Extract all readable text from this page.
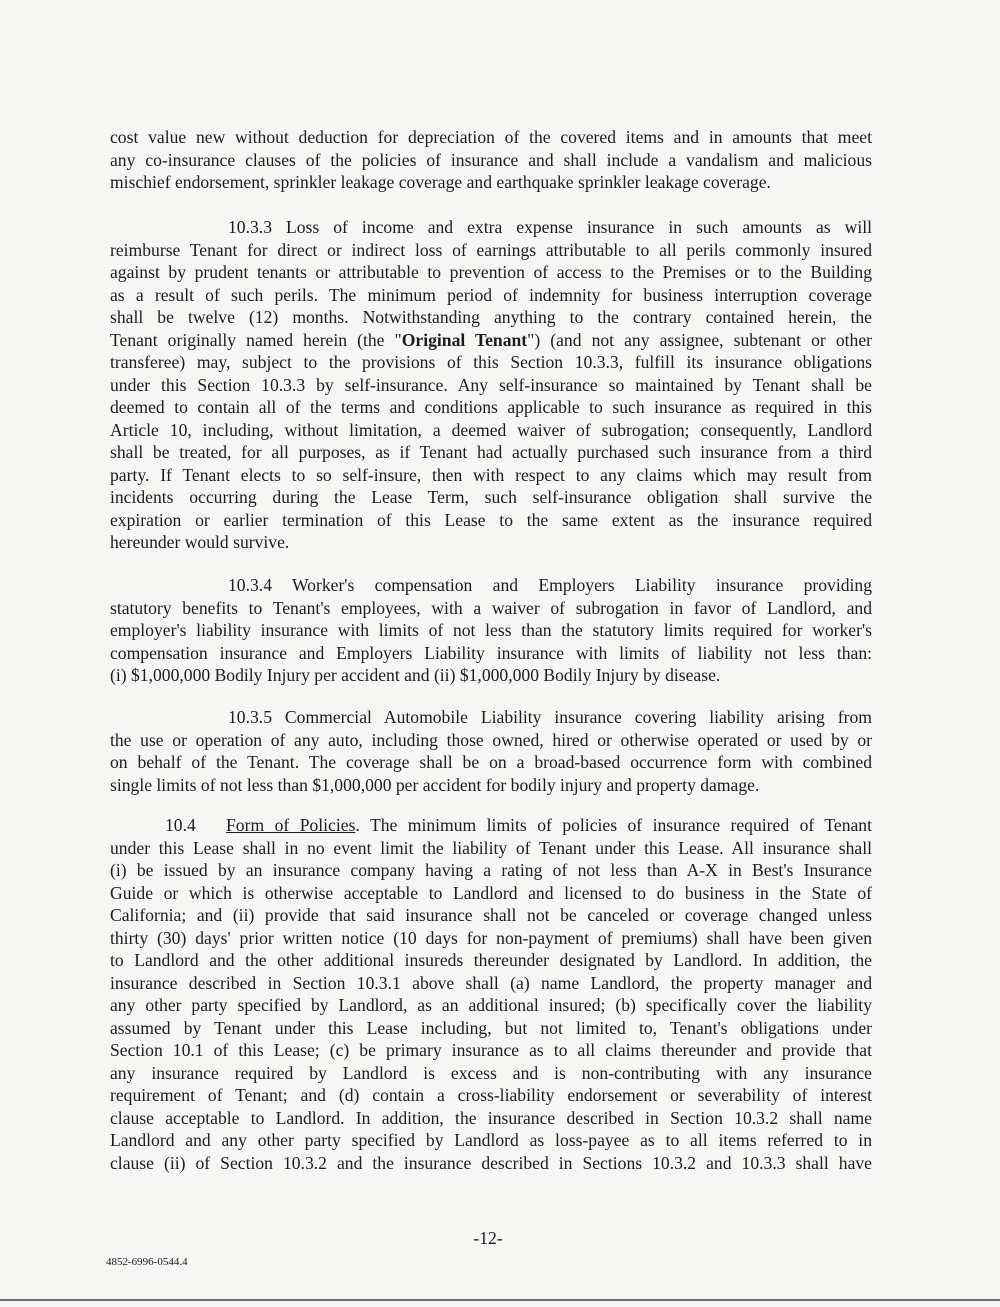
cost value new without deduction for depreciation of the covered items and in amounts that meet
any co-insurance clauses of the policies of insurance and shall include a vandalism and malicious
mischief endorsement, sprinkler leakage coverage and earthquake sprinkler leakage coverage.
10.3.3 Loss of income and extra expense insurance in such amounts as will
reimburse Tenant for direct or indirect loss of earnings attributable to all perils commonly insured
against by prudent tenants or attributable to prevention of access to the Premises or to the Building
as a result of such perils. The minimum period of indemnity for business interruption coverage
shall be twelve (12) months. Notwithstanding anything to the contrary contained herein, the
Tenant originally named herein (the "Original Tenant") (and not any assignee, subtenant or other
transferee) may, subject to the provisions of this Section 10.3.3, fulfill its insurance obligations
under this Section 10.3.3 by self-insurance. Any self-insurance so maintained by Tenant shall be
deemed to contain all of the terms and conditions applicable to such insurance as required in this
Article 10, including, without limitation, a deemed waiver of subrogation; consequently, Landlord
shall be treated, for all purposes, as if Tenant had actually purchased such insurance from a third
party. If Tenant elects to so self-insure, then with respect to any claims which may result from
incidents occurring during the Lease Term, such self-insurance obligation shall survive the
expiration or earlier termination of this Lease to the same extent as the insurance required
hereunder would survive.
10.3.4 Worker's compensation and Employers Liability insurance providing
statutory benefits to Tenant's employees, with a waiver of subrogation in favor of Landlord, and
employer's liability insurance with limits of not less than the statutory limits required for worker's
compensation insurance and Employers Liability insurance with limits of liability not less than:
(i) $1,000,000 Bodily Injury per accident and (ii) $1,000,000 Bodily Injury by disease.
10.3.5 Commercial Automobile Liability insurance covering liability arising from
the use or operation of any auto, including those owned, hired or otherwise operated or used by or
on behalf of the Tenant. The coverage shall be on a broad-based occurrence form with combined
single limits of not less than $1,000,000 per accident for bodily injury and property damage.
10.4 Form of Policies. The minimum limits of policies of insurance required of Tenant
under this Lease shall in no event limit the liability of Tenant under this Lease. All insurance shall
(i) be issued by an insurance company having a rating of not less than A-X in Best's Insurance
Guide or which is otherwise acceptable to Landlord and licensed to do business in the State of
California; and (ii) provide that said insurance shall not be canceled or coverage changed unless
thirty (30) days' prior written notice (10 days for non-payment of premiums) shall have been given
to Landlord and the other additional insureds thereunder designated by Landlord. In addition, the
insurance described in Section 10.3.1 above shall (a) name Landlord, the property manager and
any other party specified by Landlord, as an additional insured; (b) specifically cover the liability
assumed by Tenant under this Lease including, but not limited to, Tenant's obligations under
Section 10.1 of this Lease; (c) be primary insurance as to all claims thereunder and provide that
any insurance required by Landlord is excess and is non-contributing with any insurance
requirement of Tenant; and (d) contain a cross-liability endorsement or severability of interest
clause acceptable to Landlord. In addition, the insurance described in Section 10.3.2 shall name
Landlord and any other party specified by Landlord as loss-payee as to all items referred to in
clause (ii) of Section 10.3.2 and the insurance described in Sections 10.3.2 and 10.3.3 shall have
-12-
4852-6996-0544.4
